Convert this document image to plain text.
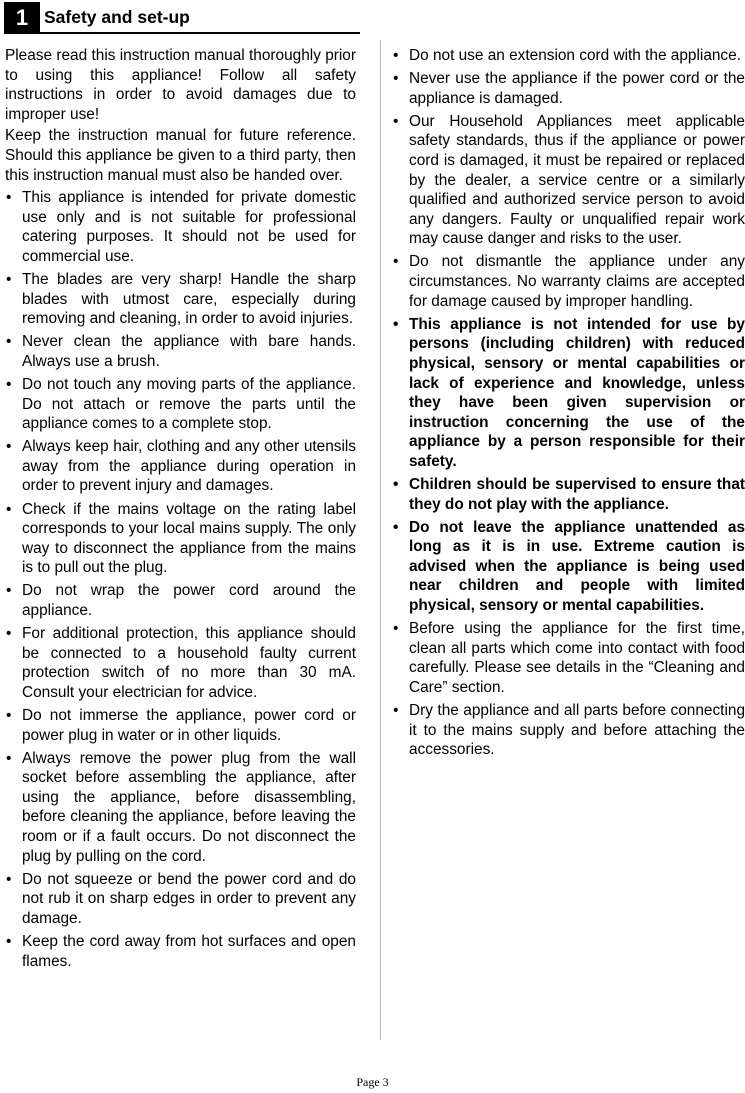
1 Safety and set-up

Please read this instruction manual thoroughly prior to using this appliance! Follow all safety instructions in order to avoid damages due to improper use!

Keep the instruction manual for future reference. Should this appliance be given to a third party, then this instruction manual must also be handed over.

• This appliance is intended for private domestic use only and is not suitable for professional catering purposes. It should not be used for commercial use.
• The blades are very sharp! Handle the sharp blades with utmost care, especially during removing and cleaning, in order to avoid injuries.
• Never clean the appliance with bare hands. Always use a brush.
• Do not touch any moving parts of the appliance. Do not attach or remove the parts until the appliance comes to a complete stop.
• Always keep hair, clothing and any other utensils away from the appliance during operation in order to prevent injury and damages.
• Check if the mains voltage on the rating label corresponds to your local mains supply. The only way to disconnect the appliance from the mains is to pull out the plug.
• Do not wrap the power cord around the appliance.
• For additional protection, this appliance should be connected to a household faulty current protection switch of no more than 30 mA. Consult your electrician for advice.
• Do not immerse the appliance, power cord or power plug in water or in other liquids.
• Always remove the power plug from the wall socket before assembling the appliance, after using the appliance, before disassembling, before cleaning the appliance, before leaving the room or if a fault occurs. Do not disconnect the plug by pulling on the cord.
• Do not squeeze or bend the power cord and do not rub it on sharp edges in order to prevent any damage.
• Keep the cord away from hot surfaces and open flames.
• Do not use an extension cord with the appliance.
• Never use the appliance if the power cord or the appliance is damaged.
• Our Household Appliances meet applicable safety standards, thus if the appliance or power cord is damaged, it must be repaired or replaced by the dealer, a service centre or a similarly qualified and authorized service person to avoid any dangers. Faulty or unqualified repair work may cause danger and risks to the user.
• Do not dismantle the appliance under any circumstances. No warranty claims are accepted for damage caused by improper handling.
• This appliance is not intended for use by persons (including children) with reduced physical, sensory or mental capabilities or lack of experience and knowledge, unless they have been given supervision or instruction concerning the use of the appliance by a person responsible for their safety.
• Children should be supervised to ensure that they do not play with the appliance.
• Do not leave the appliance unattended as long as it is in use. Extreme caution is advised when the appliance is being used near children and people with limited physical, sensory or mental capabilities.
• Before using the appliance for the first time, clean all parts which come into contact with food carefully. Please see details in the “Cleaning and Care” section.
• Dry the appliance and all parts before connecting it to the mains supply and before attaching the accessories.
Page 3
